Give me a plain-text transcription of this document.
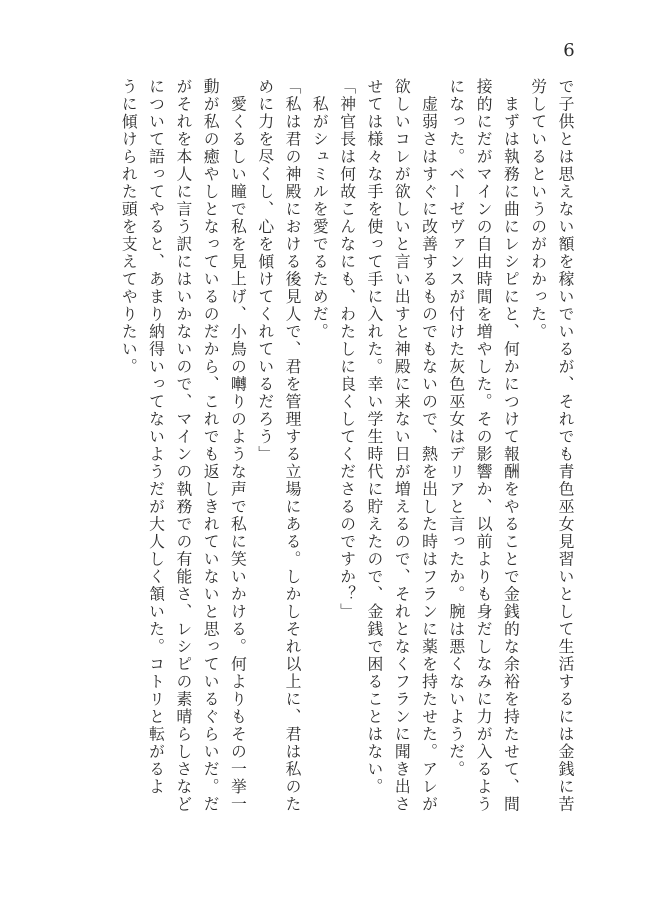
6

で子供とは思えない額を稼いでいるが、それでも青色巫女見習いとして生活するには金銭に苦

労しているというのがわかった。

　まずは執務に曲にレシピにと、何かにつけて報酬をやることで金銭的な余裕を持たせて、間

接的にだがマインの自由時間を増やした。その影響か、以前よりも身だしなみに力が入るよう

になった。ベーゼヴァンスが付けた灰色巫女はデリアと言ったか。腕は悪くないようだ。

　虚弱さはすぐに改善するものでもないので、熱を出した時はフランに薬を持たせた。アレが

欲しいコレが欲しいと言い出すと神殿に来ない日が増えるので、それとなくフランに聞き出さ

せては様々な手を使って手に入れた。幸い学生時代に貯えたので、金銭で困ることはない。

「神官長は何故こんなにも、わたしに良くしてくださるのですか？」

　私がシュミルを愛でるためだ。

「私は君の神殿における後見人で、君を管理する立場にある。しかしそれ以上に、君は私のた

めに力を尽くし、心を傾けてくれているだろう」

　愛くるしい瞳で私を見上げ、小鳥の囀りのような声で私に笑いかける。何よりもその一挙一

動が私の癒やしとなっているのだから、これでも返しきれていないと思っているぐらいだ。だ

がそれを本人に言う訳にはいかないので、マインの執務での有能さ、レシピの素晴らしさなど

について語ってやると、あまり納得いってないようだが大人しく頷いた。コトリと転がるよ

うに傾けられた頭を支えてやりたい。
